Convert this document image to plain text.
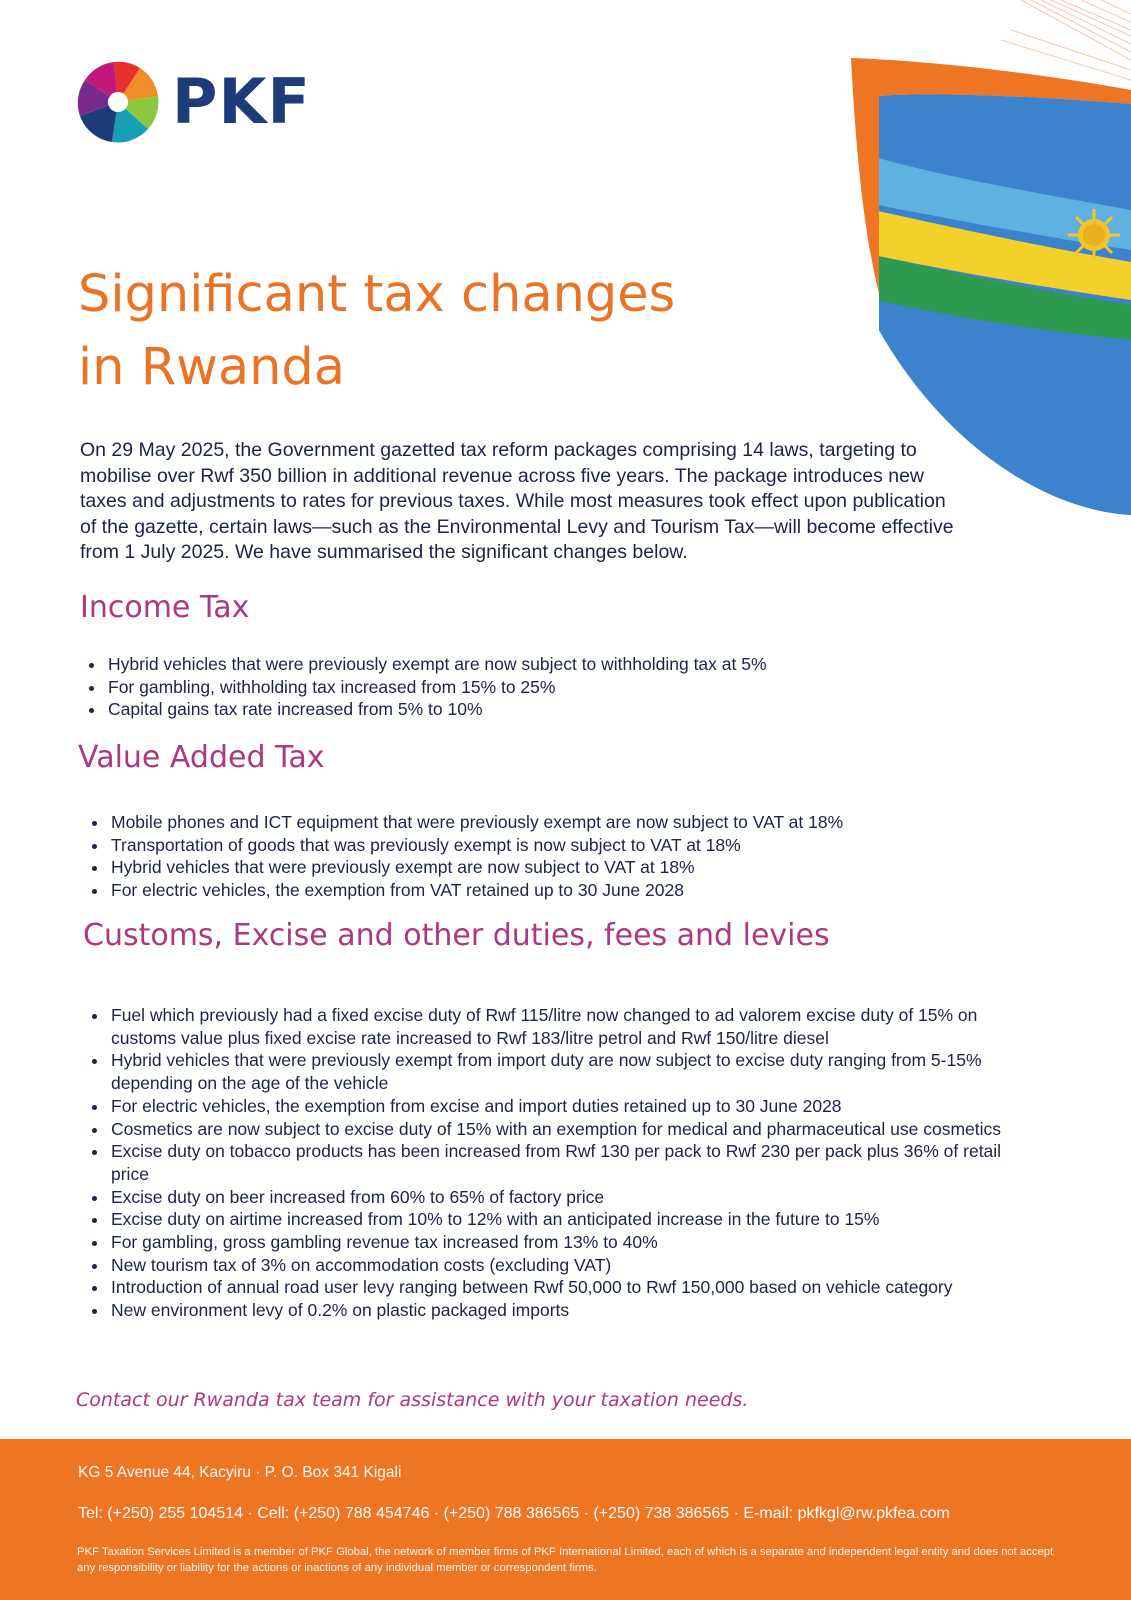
PKF
Significant tax changes
in Rwanda

On 29 May 2025, the Government gazetted tax reform packages comprising 14 laws, targeting to mobilise over Rwf 350 billion in additional revenue across five years. The package introduces new taxes and adjustments to rates for previous taxes. While most measures took effect upon publication of the gazette, certain laws—such as the Environmental Levy and Tourism Tax—will become effective from 1 July 2025. We have summarised the significant changes below.

Income Tax
• Hybrid vehicles that were previously exempt are now subject to withholding tax at 5%
• For gambling, withholding tax increased from 15% to 25%
• Capital gains tax rate increased from 5% to 10%
Value Added Tax
• Mobile phones and ICT equipment that were previously exempt are now subject to VAT at 18%
• Transportation of goods that was previously exempt is now subject to VAT at 18%
• Hybrid vehicles that were previously exempt are now subject to VAT at 18%
• For electric vehicles, the exemption from VAT retained up to 30 June 2028
Customs, Excise and other duties, fees and levies
• Fuel which previously had a fixed excise duty of Rwf 115/litre now changed to ad valorem excise duty of 15% on customs value plus fixed excise rate increased to Rwf 183/litre petrol and Rwf 150/litre diesel
• Hybrid vehicles that were previously exempt from import duty are now subject to excise duty ranging from 5-15% depending on the age of the vehicle
• For electric vehicles, the exemption from excise and import duties retained up to 30 June 2028
• Cosmetics are now subject to excise duty of 15% with an exemption for medical and pharmaceutical use cosmetics
• Excise duty on tobacco products has been increased from Rwf 130 per pack to Rwf 230 per pack plus 36% of retail price
• Excise duty on beer increased from 60% to 65% of factory price
• Excise duty on airtime increased from 10% to 12% with an anticipated increase in the future to 15%
• For gambling, gross gambling revenue tax increased from 13% to 40%
• New tourism tax of 3% on accommodation costs (excluding VAT)
• Introduction of annual road user levy ranging between Rwf 50,000 to Rwf 150,000 based on vehicle category
• New environment levy of 0.2% on plastic packaged imports

Contact our Rwanda tax team for assistance with your taxation needs.

KG 5 Avenue 44, Kacyiru · P. O. Box 341 Kigali
Tel: (+250) 255 104514 · Cell: (+250) 788 454746 · (+250) 788 386565 · (+250) 738 386565 · E-mail: pkfkgl@rw.pkfea.com
PKF Taxation Services Limited is a member of PKF Global, the network of member firms of PKF International Limited, each of which is a separate and independent legal entity and does not accept any responsibility or liability for the actions or inactions of any individual member or correspondent firms.
